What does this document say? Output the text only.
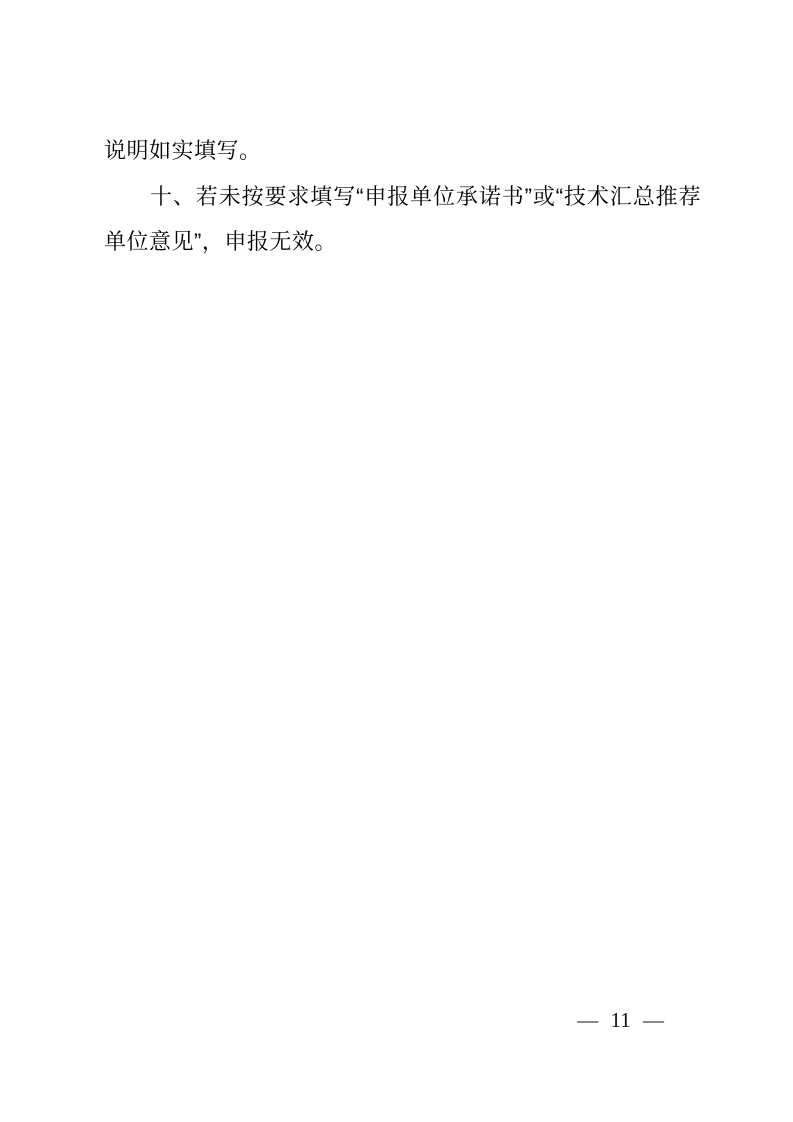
说明如实填写。

十、若未按要求填写“申报单位承诺书”或“技术汇总推荐

单位意见”，申报无效。

— 11 —
